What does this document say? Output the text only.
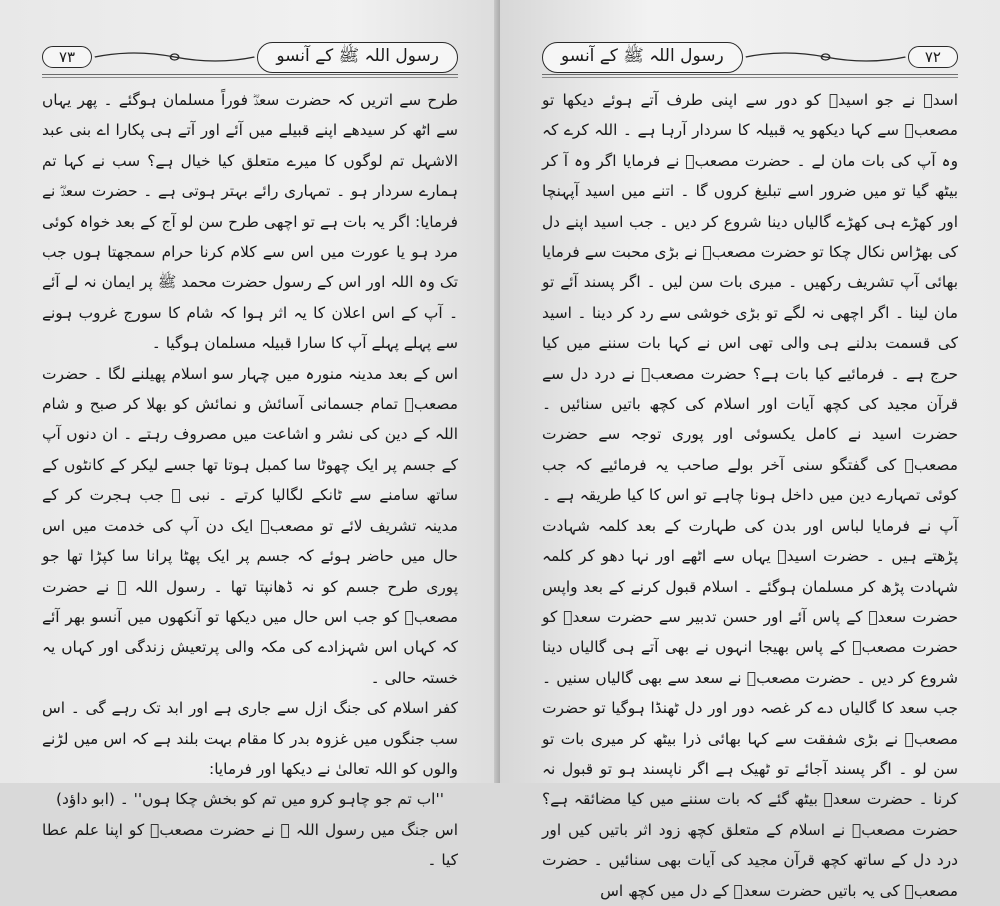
۷۳	رسول اللہ ﷺ کے آنسو

طرح سے اتریں کہ حضرت سعدؓ فوراً مسلمان ہوگئے ۔ پھر یہاں سے اٹھ کر سیدھے اپنے قبیلے میں آئے اور آتے ہی پکارا اے بنی عبد الاشہل تم لوگوں کا میرے متعلق کیا خیال ہے؟ سب نے کہا تم ہمارے سردار ہو ۔ تمہاری رائے بہتر ہوتی ہے ۔ حضرت سعدؓ نے فرمایا: اگر یہ بات ہے تو اچھی طرح سن لو آج کے بعد خواہ کوئی مرد ہو یا عورت میں اس سے کلام کرنا حرام سمجھتا ہوں جب تک وہ اللہ اور اس کے رسول حضرت محمد ﷺ پر ایمان نہ لے آئے ۔ آپ کے اس اعلان کا یہ اثر ہوا کہ شام کا سورج غروب ہونے سے پہلے پہلے آپ کا سارا قبیلہ مسلمان ہوگیا ۔

اس کے بعد مدینہ منورہ میں چہار سو اسلام پھیلنے لگا ۔ حضرت مصعبؓ تمام جسمانی آسائش و نمائش کو بھلا کر صبح و شام اللہ کے دین کی نشر و اشاعت میں مصروف رہتے ۔ ان دنوں آپ کے جسم پر ایک چھوٹا سا کمبل ہوتا تھا جسے لیکر کے کانٹوں کے ساتھ سامنے سے ٹانکے لگالیا کرتے ۔ نبی ﷺ جب ہجرت کر کے مدینہ تشریف لائے تو مصعبؓ ایک دن آپ کی خدمت میں اس حال میں حاضر ہوئے کہ جسم پر ایک پھٹا پرانا سا کپڑا تھا جو پوری طرح جسم کو نہ ڈھانپتا تھا ۔ رسول اللہ ﷺ نے حضرت مصعبؓ کو جب اس حال میں دیکھا تو آنکھوں میں آنسو بھر آئے کہ کہاں اس شہزادے کی مکہ والی پرتعیش زندگی اور کہاں یہ خستہ حالی ۔

کفر اسلام کی جنگ ازل سے جاری ہے اور ابد تک رہے گی ۔ اس سب جنگوں میں غزوہ بدر کا مقام بہت بلند ہے کہ اس میں لڑنے والوں کو اللہ تعالیٰ نے دیکھا اور فرمایا:

''اب تم جو چاہو کرو میں تم کو بخش چکا ہوں'' ۔ (ابو داؤد)

اس جنگ میں رسول اللہ ﷺ نے حضرت مصعبؓ کو اپنا علم عطا کیا ۔

رسول اللہ ﷺ کے آنسو	۷۲

اسدؓ نے جو اسیدؓ کو دور سے اپنی طرف آتے ہوئے دیکھا تو مصعبؓ سے کہا دیکھو یہ قبیلہ کا سردار آرہا ہے ۔ اللہ کرے کہ وہ آپ کی بات مان لے ۔ حضرت مصعبؓ نے فرمایا اگر وہ آ کر بیٹھ گیا تو میں ضرور اسے تبلیغ کروں گا ۔ اتنے میں اسید آپہنچا اور کھڑے ہی کھڑے گالیاں دینا شروع کر دیں ۔ جب اسید اپنے دل کی بھڑاس نکال چکا تو حضرت مصعبؓ نے بڑی محبت سے فرمایا بھائی آپ تشریف رکھیں ۔ میری بات سن لیں ۔ اگر پسند آئے تو مان لینا ۔ اگر اچھی نہ لگے تو بڑی خوشی سے رد کر دینا ۔ اسید کی قسمت بدلنے ہی والی تھی اس نے کہا بات سننے میں کیا حرج ہے ۔ فرمائیے کیا بات ہے؟ حضرت مصعبؓ نے درد دل سے قرآن مجید کی کچھ آیات اور اسلام کی کچھ باتیں سنائیں ۔ حضرت اسید نے کامل یکسوئی اور پوری توجہ سے حضرت مصعبؓ کی گفتگو سنی آخر بولے صاحب یہ فرمائیے کہ جب کوئی تمہارے دین میں داخل ہونا چاہے تو اس کا کیا طریقہ ہے ۔ آپ نے فرمایا لباس اور بدن کی طہارت کے بعد کلمہ شہادت پڑھتے ہیں ۔ حضرت اسیدؓ یہاں سے اٹھے اور نہا دھو کر کلمہ شہادت پڑھ کر مسلمان ہوگئے ۔ اسلام قبول کرنے کے بعد واپس حضرت سعدؓ کے پاس آئے اور حسن تدبیر سے حضرت سعدؓ کو حضرت مصعبؓ کے پاس بھیجا انہوں نے بھی آتے ہی گالیاں دینا شروع کر دیں ۔ حضرت مصعبؓ نے سعد سے بھی گالیاں سنیں ۔ جب سعد کا گالیاں دے کر غصہ دور اور دل ٹھنڈا ہوگیا تو حضرت مصعبؓ نے بڑی شفقت سے کہا بھائی ذرا بیٹھ کر میری بات تو سن لو ۔ اگر پسند آجائے تو ٹھیک ہے اگر ناپسند ہو تو قبول نہ کرنا ۔ حضرت سعدؓ بیٹھ گئے کہ بات سننے میں کیا مضائقہ ہے؟ حضرت مصعبؓ نے اسلام کے متعلق کچھ زود اثر باتیں کیں اور درد دل کے ساتھ کچھ قرآن مجید کی آیات بھی سنائیں ۔ حضرت مصعبؓ کی یہ باتیں حضرت سعدؓ کے دل میں کچھ اس
